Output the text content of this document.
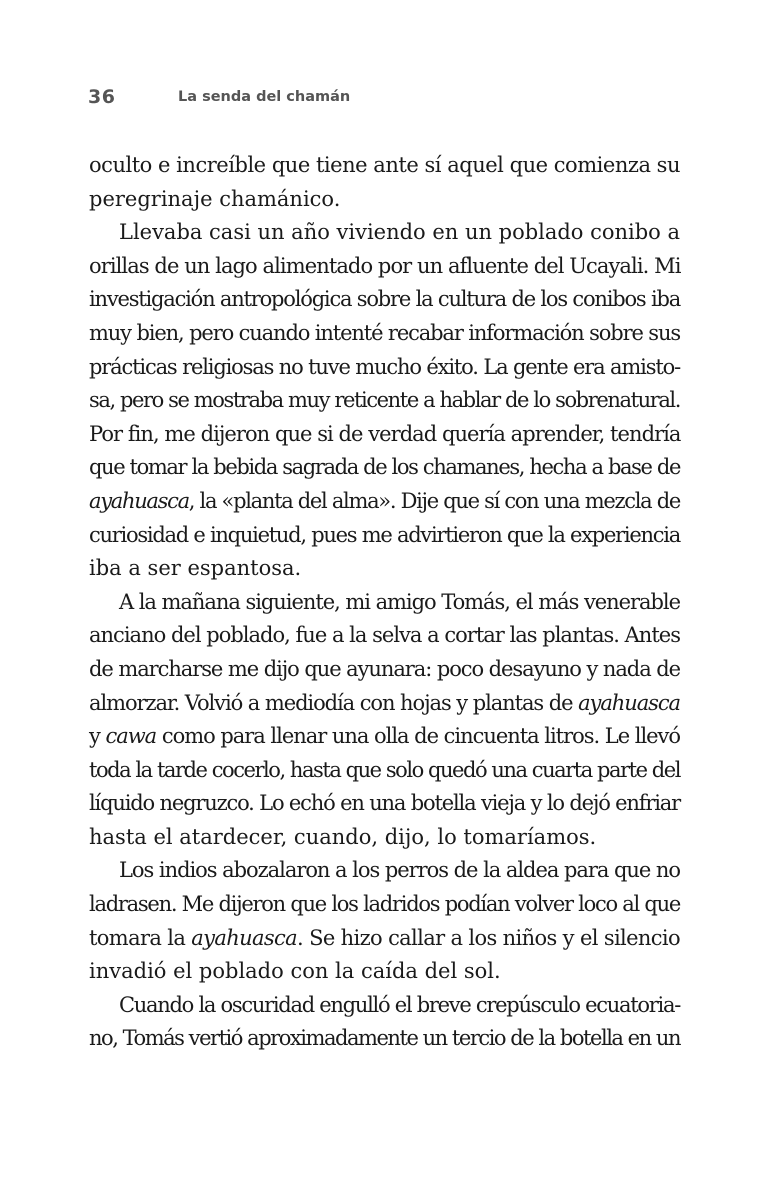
36	La senda del chamán
oculto e increíble que tiene ante sí aquel que comienza su
peregrinaje chamánico.
Llevaba casi un año viviendo en un poblado conibo a
orillas de un lago alimentado por un afluente del Ucayali. Mi
investigación antropológica sobre la cultura de los conibos iba
muy bien, pero cuando intenté recabar información sobre sus
prácticas religiosas no tuve mucho éxito. La gente era amisto-
sa, pero se mostraba muy reticente a hablar de lo sobrenatural.
Por fin, me dijeron que si de verdad quería aprender, tendría
que tomar la bebida sagrada de los chamanes, hecha a base de
ayahuasca, la «planta del alma». Dije que sí con una mezcla de
curiosidad e inquietud, pues me advirtieron que la experiencia
iba a ser espantosa.
A la mañana siguiente, mi amigo Tomás, el más venerable
anciano del poblado, fue a la selva a cortar las plantas. Antes
de marcharse me dijo que ayunara: poco desayuno y nada de
almorzar. Volvió a mediodía con hojas y plantas de ayahuasca
y cawa como para llenar una olla de cincuenta litros. Le llevó
toda la tarde cocerlo, hasta que solo quedó una cuarta parte del
líquido negruzco. Lo echó en una botella vieja y lo dejó enfriar
hasta el atardecer, cuando, dijo, lo tomaríamos.
Los indios abozalaron a los perros de la aldea para que no
ladrasen. Me dijeron que los ladridos podían volver loco al que
tomara la ayahuasca. Se hizo callar a los niños y el silencio
invadió el poblado con la caída del sol.
Cuando la oscuridad engulló el breve crepúsculo ecuatoria-
no, Tomás vertió aproximadamente un tercio de la botella en un
